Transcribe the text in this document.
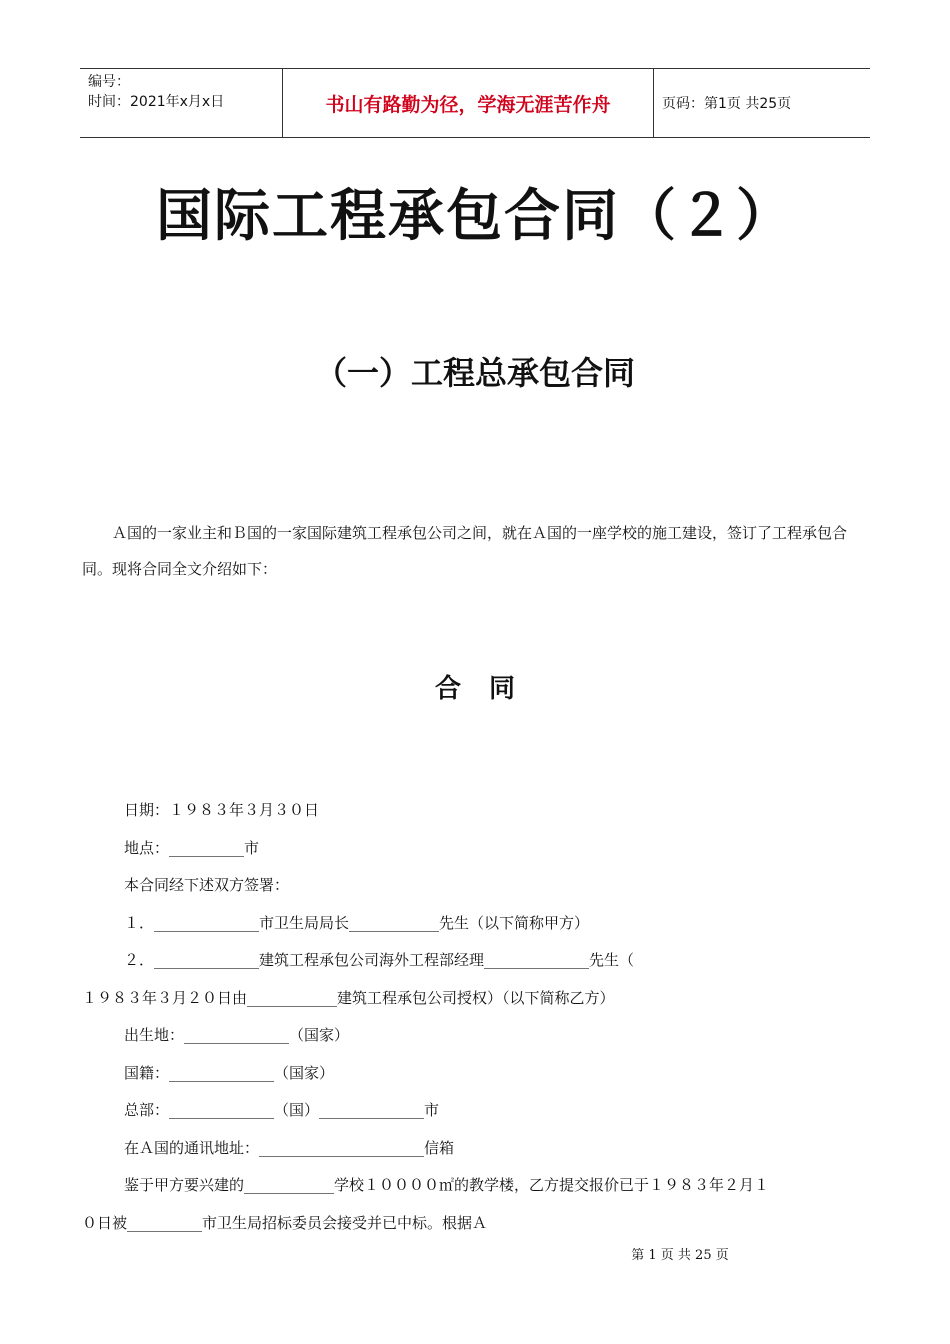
编号：
时间：2021年x月x日	书山有路勤为径，学海无涯苦作舟	页码：第1页 共25页
国际工程承包合同（２）
（一）工程总承包合同
Ａ国的一家业主和Ｂ国的一家国际建筑工程承包公司之间，就在Ａ国的一座学校的施工建设，签订了工程承包合同。现将合同全文介绍如下：
合同
日期：１９８３年３月３０日
地点：__________市
本合同经下述双方签署：
１．______________市卫生局局长____________先生（以下简称甲方）
２．______________建筑工程承包公司海外工程部经理______________先生（
１９８３年３月２０日由____________建筑工程承包公司授权）（以下简称乙方）
出生地：______________（国家）
国籍：______________（国家）
总部：______________（国）______________市
在Ａ国的通讯地址：______________________信箱
鉴于甲方要兴建的____________学校１００００㎡的教学楼，乙方提交报价已于１９８３年２月１
０日被__________市卫生局招标委员会接受并已中标。根据Ａ
第 1 页 共 25 页
